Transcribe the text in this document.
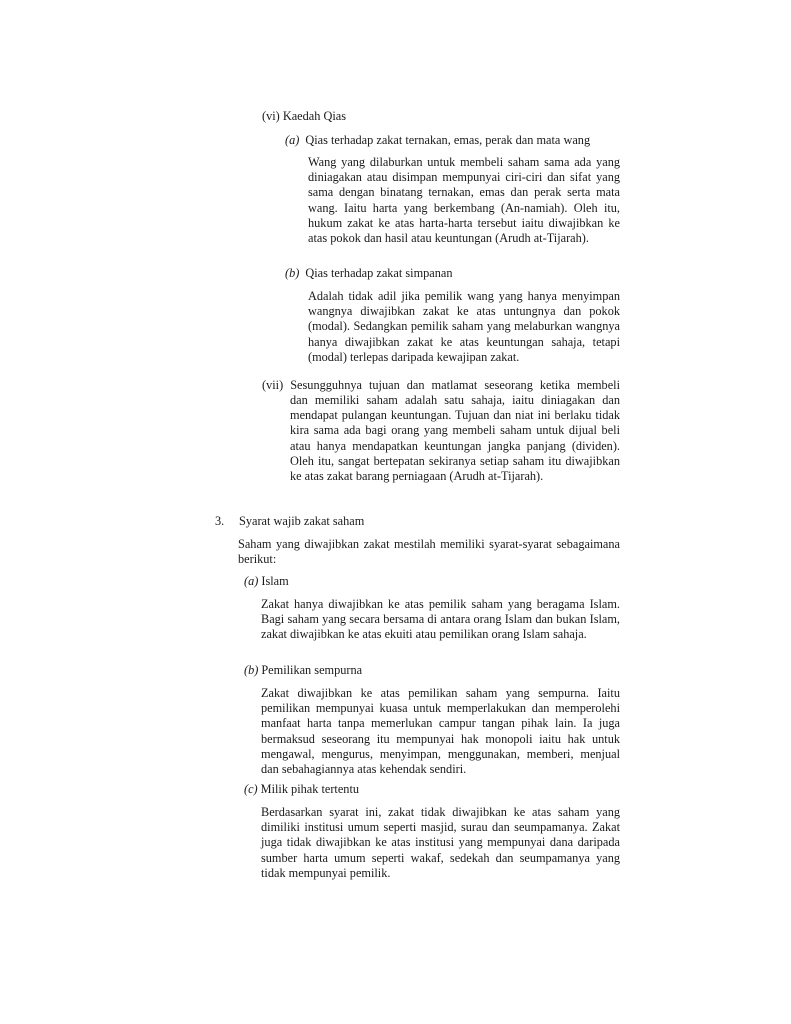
(vi) Kaedah Qias
(a) Qias terhadap zakat ternakan, emas, perak dan mata wang

Wang yang dilaburkan untuk membeli saham sama ada yang diniagakan atau disimpan mempunyai ciri-ciri dan sifat yang sama dengan binatang ternakan, emas dan perak serta mata wang. Iaitu harta yang berkembang (An-namiah). Oleh itu, hukum zakat ke atas harta-harta tersebut iaitu diwajibkan ke atas pokok dan hasil atau keuntungan (Arudh at-Tijarah).

(b) Qias terhadap zakat simpanan

Adalah tidak adil jika pemilik wang yang hanya menyimpan wangnya diwajibkan zakat ke atas untungnya dan pokok (modal). Sedangkan pemilik saham yang melaburkan wangnya hanya diwajibkan zakat ke atas keuntungan sahaja, tetapi (modal) terlepas daripada kewajipan zakat.

(vii) Sesungguhnya tujuan dan matlamat seseorang ketika membeli

dan memiliki saham adalah satu sahaja, iaitu diniagakan dan mendapat pulangan keuntungan. Tujuan dan niat ini berlaku tidak kira sama ada bagi orang yang membeli saham untuk dijual beli atau hanya mendapatkan keuntungan jangka panjang (dividen). Oleh itu, sangat bertepatan sekiranya setiap saham itu diwajibkan ke atas zakat barang perniagaan (Arudh at-Tijarah).

3. Syarat wajib zakat saham

Saham yang diwajibkan zakat mestilah memiliki syarat-syarat sebagaimana berikut:

(a) Islam

Zakat hanya diwajibkan ke atas pemilik saham yang beragama Islam. Bagi saham yang secara bersama di antara orang Islam dan bukan Islam, zakat diwajibkan ke atas ekuiti atau pemilikan orang Islam sahaja.

(b) Pemilikan sempurna

Zakat diwajibkan ke atas pemilikan saham yang sempurna. Iaitu pemilikan mempunyai kuasa untuk memperlakukan dan memperolehi manfaat harta tanpa memerlukan campur tangan pihak lain. Ia juga bermaksud seseorang itu mempunyai hak monopoli iaitu hak untuk mengawal, mengurus, menyimpan, menggunakan, memberi, menjual dan sebahagiannya atas kehendak sendiri.

(c) Milik pihak tertentu

Berdasarkan syarat ini, zakat tidak diwajibkan ke atas saham yang dimiliki institusi umum seperti masjid, surau dan seumpamanya. Zakat juga tidak diwajibkan ke atas institusi yang mempunyai dana daripada sumber harta umum seperti wakaf, sedekah dan seumpamanya yang tidak mempunyai pemilik.
